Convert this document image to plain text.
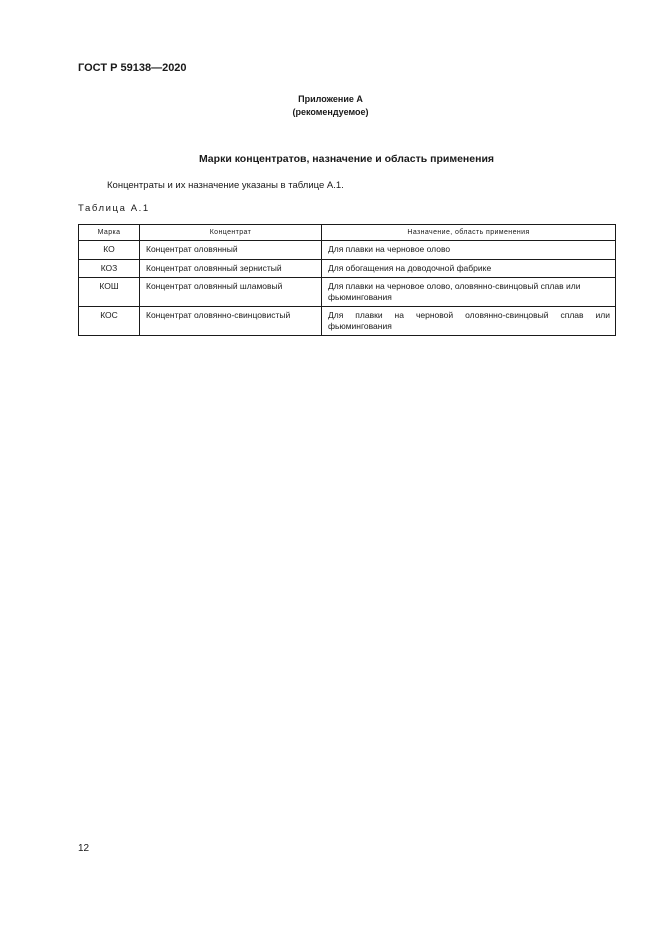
ГОСТ Р 59138—2020
Приложение А
(рекомендуемое)
Марки концентратов, назначение и область применения
Концентраты и их назначение указаны в таблице А.1.
Таблица А.1
Марка	Концентрат	Назначение, область применения
КО	Концентрат оловянный	Для плавки на черновое олово
КОЗ	Концентрат оловянный зернистый	Для обогащения на доводочной фабрике
КОШ	Концентрат оловянный шламовый	Для плавки на черновое олово, оловянно-свинцовый сплав или фьюмингования
КОС	Концентрат оловянно-свинцовистый	Для плавки на черновой оловянно-свинцовый сплав или фьюмингования
12
